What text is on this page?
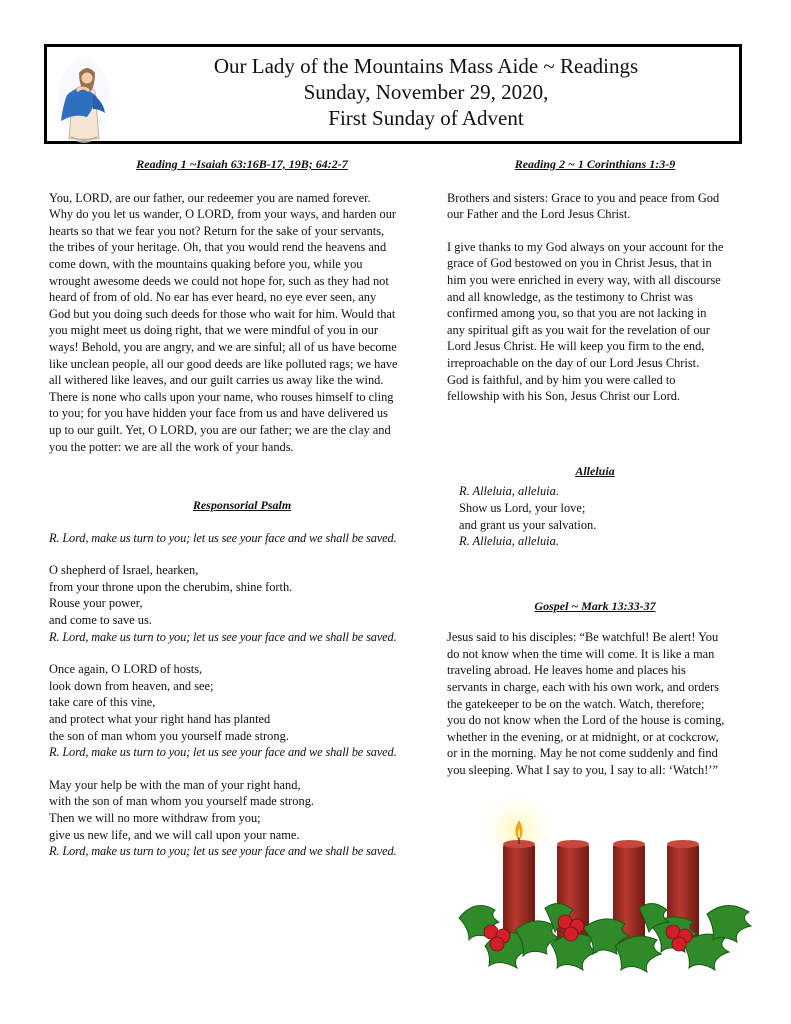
Our Lady of the Mountains Mass Aide ~ Readings
Sunday, November 29, 2020,
First Sunday of Advent

Reading 1 ~Isaiah 63:16B-17, 19B; 64:2-7

You, LORD, are our father, our redeemer you are named forever.
Why do you let us wander, O LORD, from your ways, and harden our
hearts so that we fear you not? Return for the sake of your servants,
the tribes of your heritage. Oh, that you would rend the heavens and
come down, with the mountains quaking before you, while you
wrought awesome deeds we could not hope for, such as they had not
heard of from of old. No ear has ever heard, no eye ever seen, any
God but you doing such deeds for those who wait for him. Would that
you might meet us doing right, that we were mindful of you in our
ways! Behold, you are angry, and we are sinful; all of us have become
like unclean people, all our good deeds are like polluted rags; we have
all withered like leaves, and our guilt carries us away like the wind.
There is none who calls upon your name, who rouses himself to cling
to you; for you have hidden your face from us and have delivered us
up to our guilt. Yet, O LORD, you are our father; we are the clay and
you the potter: we are all the work of your hands.

Responsorial Psalm

R. Lord, make us turn to you; let us see your face and we shall be saved.
O shepherd of Israel, hearken,
from your throne upon the cherubim, shine forth.
Rouse your power,
and come to save us.
R. Lord, make us turn to you; let us see your face and we shall be saved.
Once again, O LORD of hosts,
look down from heaven, and see;
take care of this vine,
and protect what your right hand has planted
the son of man whom you yourself made strong.
R. Lord, make us turn to you; let us see your face and we shall be saved.
May your help be with the man of your right hand,
with the son of man whom you yourself made strong.
Then we will no more withdraw from you;
give us new life, and we will call upon your name.
R. Lord, make us turn to you; let us see your face and we shall be saved.

Reading 2 ~ 1 Corinthians 1:3-9

Brothers and sisters: Grace to you and peace from God
our Father and the Lord Jesus Christ.
I give thanks to my God always on your account for the
grace of God bestowed on you in Christ Jesus, that in
him you were enriched in every way, with all discourse
and all knowledge, as the testimony to Christ was
confirmed among you, so that you are not lacking in
any spiritual gift as you wait for the revelation of our
Lord Jesus Christ. He will keep you firm to the end,
irreproachable on the day of our Lord Jesus Christ.
God is faithful, and by him you were called to
fellowship with his Son, Jesus Christ our Lord.

Alleluia

R. Alleluia, alleluia.
Show us Lord, your love;
and grant us your salvation.
R. Alleluia, alleluia.

Gospel ~ Mark 13:33-37

Jesus said to his disciples: “Be watchful! Be alert! You
do not know when the time will come. It is like a man
traveling abroad. He leaves home and places his
servants in charge, each with his own work, and orders
the gatekeeper to be on the watch. Watch, therefore;
you do not know when the Lord of the house is coming,
whether in the evening, or at midnight, or at cockcrow,
or in the morning. May he not come suddenly and find
you sleeping. What I say to you, I say to all: ‘Watch!’”
